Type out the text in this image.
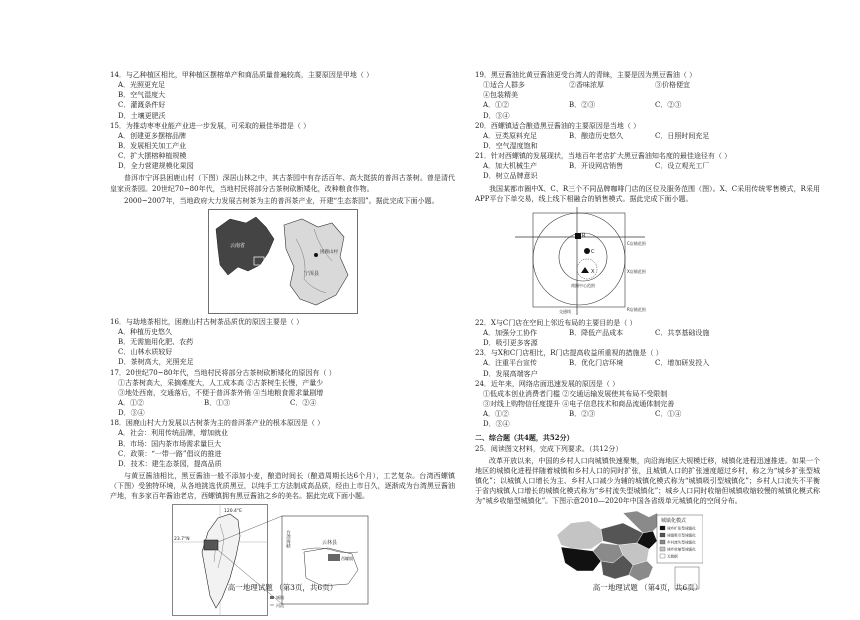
14．与乙种植区相比，甲种植区摆榕单产和商品质量普遍较高，主要原因是甲地（ ）

A．光照更充足
B．空气湿度大
C．灌溉条件好
D．土壤更肥沃

15．为推动枣枣业能产业进一步发展，可采取的最佳举措是（ ）

A．创建更多摆榕品牌
B．发展相关加工产业
C．扩大摆榕种植规模
D．全力营建规模化果园

普洱市宁洱县困鹿山村（下图）深居山林之中，其古茶园中有存活百年、高大挺拔的普洱古茶树。曾是清代皇家贡茶园。20世纪70~80年代，当地村民将部分古茶树砍断矮化，改种粮食作物。

2000~2007年，当地政府大力发展古树茶为主的普洱茶产业，开建“生态茶园”。据此完成下面小题。

云南省
宁洱县
困鹿山村

16．与劫地茶相比，困鹿山村古树茶品质优的原因主要是（ ）

A．种植历史悠久
B．无需施用化肥、农药
C．山林水质较好
D．茶树高大，光照充足

17．20世纪70~80年代，当地村民将部分古茶树砍断矮化的原因有（ ）

①古茶树高大，采摘难度大，人工成本高 ②古茶树生长慢，产量少

③地处西南，交通落后，不便于普洱茶外销 ④当地粮食需求量剧增

A．①②	B．①③	C．②④
D．③④

18．困鹿山村大力发展以古树茶为主的普洱茶产业的根本原因是（ ）

A．社会：利用传统品牌，增加就业
B．市场：国内茶市场需求量巨大
C．政策：“一带一路”倡议的推进
D．技术：建生态茶园，提高品质

与黄豆酱油相比，黑豆酱油一般不添加小麦，酿造时间长（酿造周期长达6个月），工艺复杂。台湾西螺镇（下图）受独特环境，从各地挑选优质黑豆，以纯手工方法制成高品质，经由上市日久，逐渐成为台湾黑豆酱油产地，有多家百年酱油老店，西螺镇拥有黑豆酱油之乡的美名。据此完成下面小题。

120.4°E
23.7°N
云林县
西螺镇
台湾海峡
城镇
河流
高一地理试题 （第3页，共6页）

19．黑豆酱油比黄豆酱油更受台湾人的青睐，主要是因为黑豆酱油（ ）

①适合人群多	②香味浓厚	③价格便宜
④包装精美
A．①②	B．②③	C．②③
D．③④

20．西螺镇适合酿造黑豆酱油的主要原因是当地（ ）

A．豆类原料充足	B．酿造历史悠久	C．日照时间充足
D．空气湿度饱和

21．针对西螺镇的发展现状，当地百年老店扩大黑豆酱油知名度的最佳途径有（ ）

A．加大机械生产	B．开设网店销售	C．设立观光工厂
D．树立品牌意识

我国某都市圈中X、C、R三个不同品牌咖啡门店的区位及服务范围（图）。X、C采用传统零售模式，R采用APP平台下单交易，线上线下相融合的销售模式。据此完成下面小题。

R
C
X
C店铺范围
R店铺范围
X店铺范围
交通线
商圈中心范围

22．X与C门店在空间上邻近布局的主要目的是（ ）

A．加强分工协作	B．降低产品成本	C．共享基础设施
D．吸引更多客源

23．与X和C门店相比，R门店提高收益所重视的措施是（ ）

A．注重平台宣传	B．优化门店环境	C．增加研发投入
D．发展高端客户

24．近年来，网络店面迅速发展的原因是（ ）

①低成本创业消费者门槛 ②交通运输发展使其布局不受限制

③对线上购物信任度提升 ④电子信息技术和商品流通体制完善

A．①②	B．②③	C．①④
D．③④

二、综合题（共4题，共52分）

25．阅读图文材料，完成下列要求。（共12分）

改革开放以来，中国的乡村人口向城镇快速聚集，向沿海地区大规模迁移，城镇化进程迅速推进。如果一个地区的城镇化进程伴随着城镇和乡村人口的同时扩张，且城镇人口的扩张速度超过乡村，称之为“城乡扩张型城镇化”；以城镇人口增长为主、乡村人口减少为辅的城镇化模式称为“城镇吸引型城镇化”；乡村人口流失不平衡于省内城镇人口增长的城镇化模式称为“乡村流失型城镇化”；城乡人口同时收缩但城镇收缩较慢的城镇化模式称为“城乡收缩型城镇化”。下图示意2010—2020年中国各省级单元城镇化的空间分布。

城镇化模式
城乡扩张型城镇化
城镇吸引型城镇化
乡村流失型城镇化
城乡收缩型城镇化
无数据
高一地理试题 （第4页，共6页）
